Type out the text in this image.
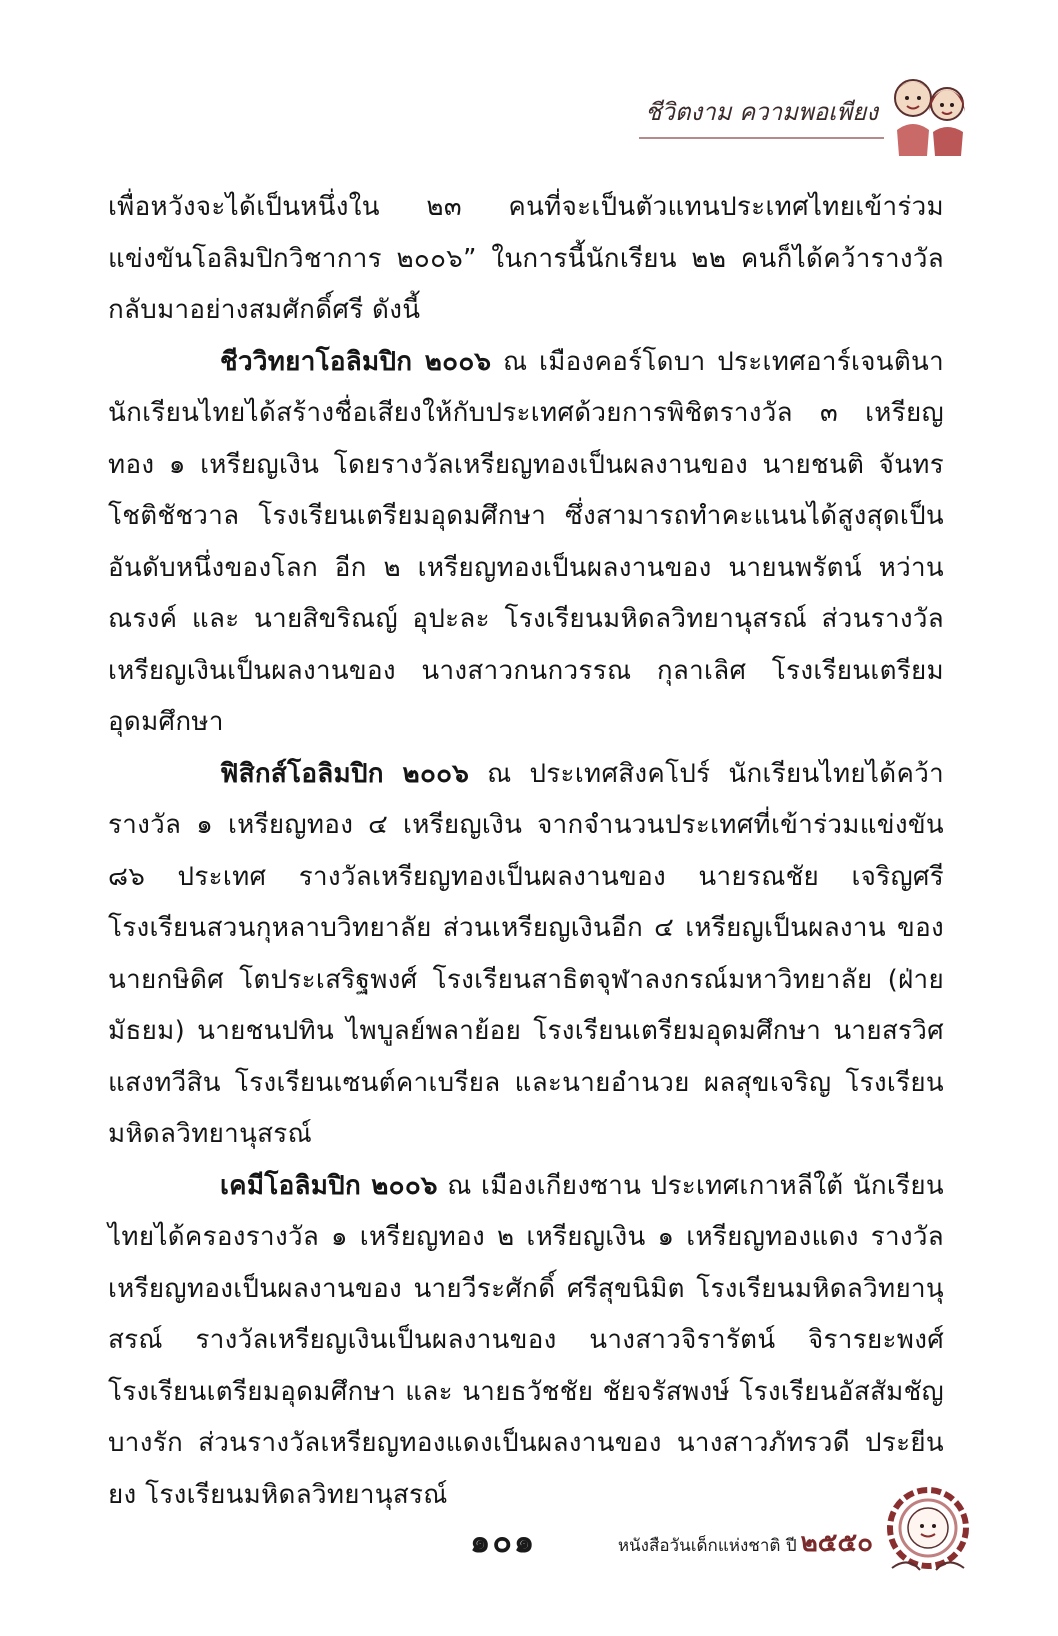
ชีวิตงาม ความพอเพียง

เพื่อหวังจะได้เป็นหนึ่งใน ๒๓ คนที่จะเป็นตัวแทนประเทศไทยเข้าร่วมแข่งขันโอลิมปิกวิชาการ ๒๐๐๖” ในการนี้นักเรียน ๒๒ คนก็ได้คว้ารางวัลกลับมาอย่างสมศักดิ์ศรี ดังนี้

ชีววิทยาโอลิมปิก ๒๐๐๖ ณ เมืองคอร์โดบา ประเทศอาร์เจนตินา นักเรียนไทยได้สร้างชื่อเสียงให้กับประเทศด้วยการพิชิตรางวัล ๓ เหรียญทอง ๑ เหรียญเงิน โดยรางวัลเหรียญทองเป็นผลงานของ นายชนติ จันทรโชติชัชวาล โรงเรียนเตรียมอุดมศึกษา ซึ่งสามารถทำคะแนนได้สูงสุดเป็นอันดับหนึ่งของโลก อีก ๒ เหรียญทองเป็นผลงานของ นายนพรัตน์ หว่านณรงค์ และ นายสิขริณญ์ อุปะละ โรงเรียนมหิดลวิทยานุสรณ์ ส่วนรางวัลเหรียญเงินเป็นผลงานของ นางสาวกนกวรรณ กุลาเลิศ โรงเรียนเตรียมอุดมศึกษา

ฟิสิกส์โอลิมปิก ๒๐๐๖ ณ ประเทศสิงคโปร์ นักเรียนไทยได้คว้ารางวัล ๑ เหรียญทอง ๔ เหรียญเงิน จากจำนวนประเทศที่เข้าร่วมแข่งขัน ๘๖ ประเทศ รางวัลเหรียญทองเป็นผลงานของ นายรณชัย เจริญศรี โรงเรียนสวนกุหลาบวิทยาลัย ส่วนเหรียญเงินอีก ๔ เหรียญเป็นผลงาน ของนายกษิดิศ โตประเสริฐพงศ์ โรงเรียนสาธิตจุฬาลงกรณ์มหาวิทยาลัย (ฝ่ายมัธยม) นายชนปทิน ไพบูลย์พลาย้อย โรงเรียนเตรียมอุดมศึกษา นายสรวิศ แสงทวีสิน โรงเรียนเซนต์คาเบรียล และนายอำนวย ผลสุขเจริญ โรงเรียนมหิดลวิทยานุสรณ์

เคมีโอลิมปิก ๒๐๐๖ ณ เมืองเกียงซาน ประเทศเกาหลีใต้ นักเรียนไทยได้ครองรางวัล ๑ เหรียญทอง ๒ เหรียญเงิน ๑ เหรียญทองแดง รางวัลเหรียญทองเป็นผลงานของ นายวีระศักดิ์ ศรีสุขนิมิต โรงเรียนมหิดลวิทยานุสรณ์ รางวัลเหรียญเงินเป็นผลงานของ นางสาวจิรารัตน์ จิรารยะพงศ์ โรงเรียนเตรียมอุดมศึกษา และ นายธวัชชัย ชัยจรัสพงษ์ โรงเรียนอัสสัมชัญบางรัก ส่วนรางวัลเหรียญทองแดงเป็นผลงานของ นางสาวภัทรวดี ประยีนยง โรงเรียนมหิดลวิทยานุสรณ์

๑๐๑	หนังสือวันเด็กแห่งชาติ ปี ๒๕๕๐
